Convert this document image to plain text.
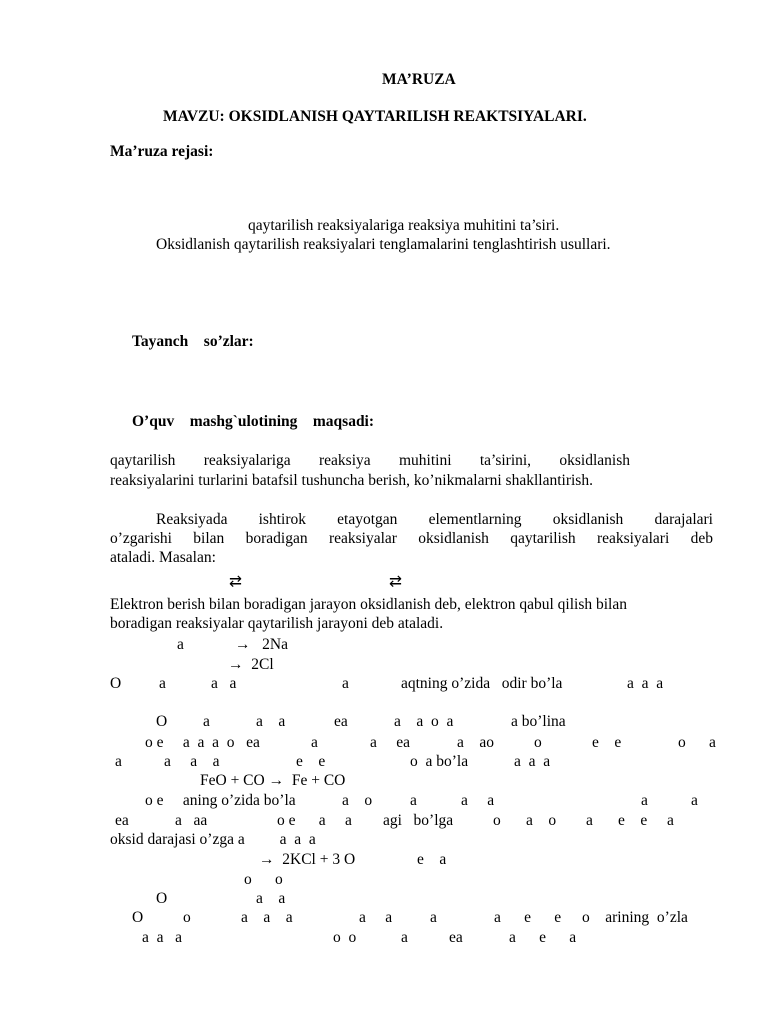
MA’RUZA
MAVZU: OKSIDLANISH QAYTARILISH REAKTSIYALARI.
Ma’ruza rejasi:
qaytarilish reaksiyalariga reaksiya muhitini ta’siri.
Oksidlanish qaytarilish reaksiyalari tenglamalarini tenglashtirish usullari.
Tayanch    so’zlar:
O’quv    mashg`ulotining    maqsadi:
qaytarilish reaksiyalariga reaksiya muhitini ta’sirini, oksidlanish
reaksiyalarini turlarini batafsil tushuncha berish, ko’nikmalarni shakllantirish.
Reaksiyada ishtirok etayotgan elementlarning oksidlanish darajalari
o’zgarishi bilan boradigan reaksiyalar oksidlanish qaytarilish reaksiyalari deb
ataladi. Masalan:
⇄	⇄
Elektron berish bilan boradigan jarayon oksidlanish deb, elektron qabul qilish bilan
boradigan reaksiyalar qaytarilish jarayoni deb ataladi.
a	→   2Na
→  2Cl
O a	a   a	a	aqtning o’zida   odir bo’la	a  a  a
O a	a    a	ea	a    a  o  a	a bo’lina
o e     a  a  a  o   ea	a	a     ea	a    ao	o	e    e	o      a
a	a     a    a	e    e	o  a bo’la	a  a  a
FeO + CO →  Fe + CO
o e     aning o’zida bo’la	a    o a	a     a	a	a
ea	a   aa	o e      a     a agi   bo’lga	o a    o a e    e a
oksid darajasi o’zga a         a  a  a
→  2KCl + 3 O	e    a
o      o
O	a    a
O	o	a    a    a	a     a a	a      e      e o    arining  o’zla
a  a   a	o  o	a	ea	a      e      a
